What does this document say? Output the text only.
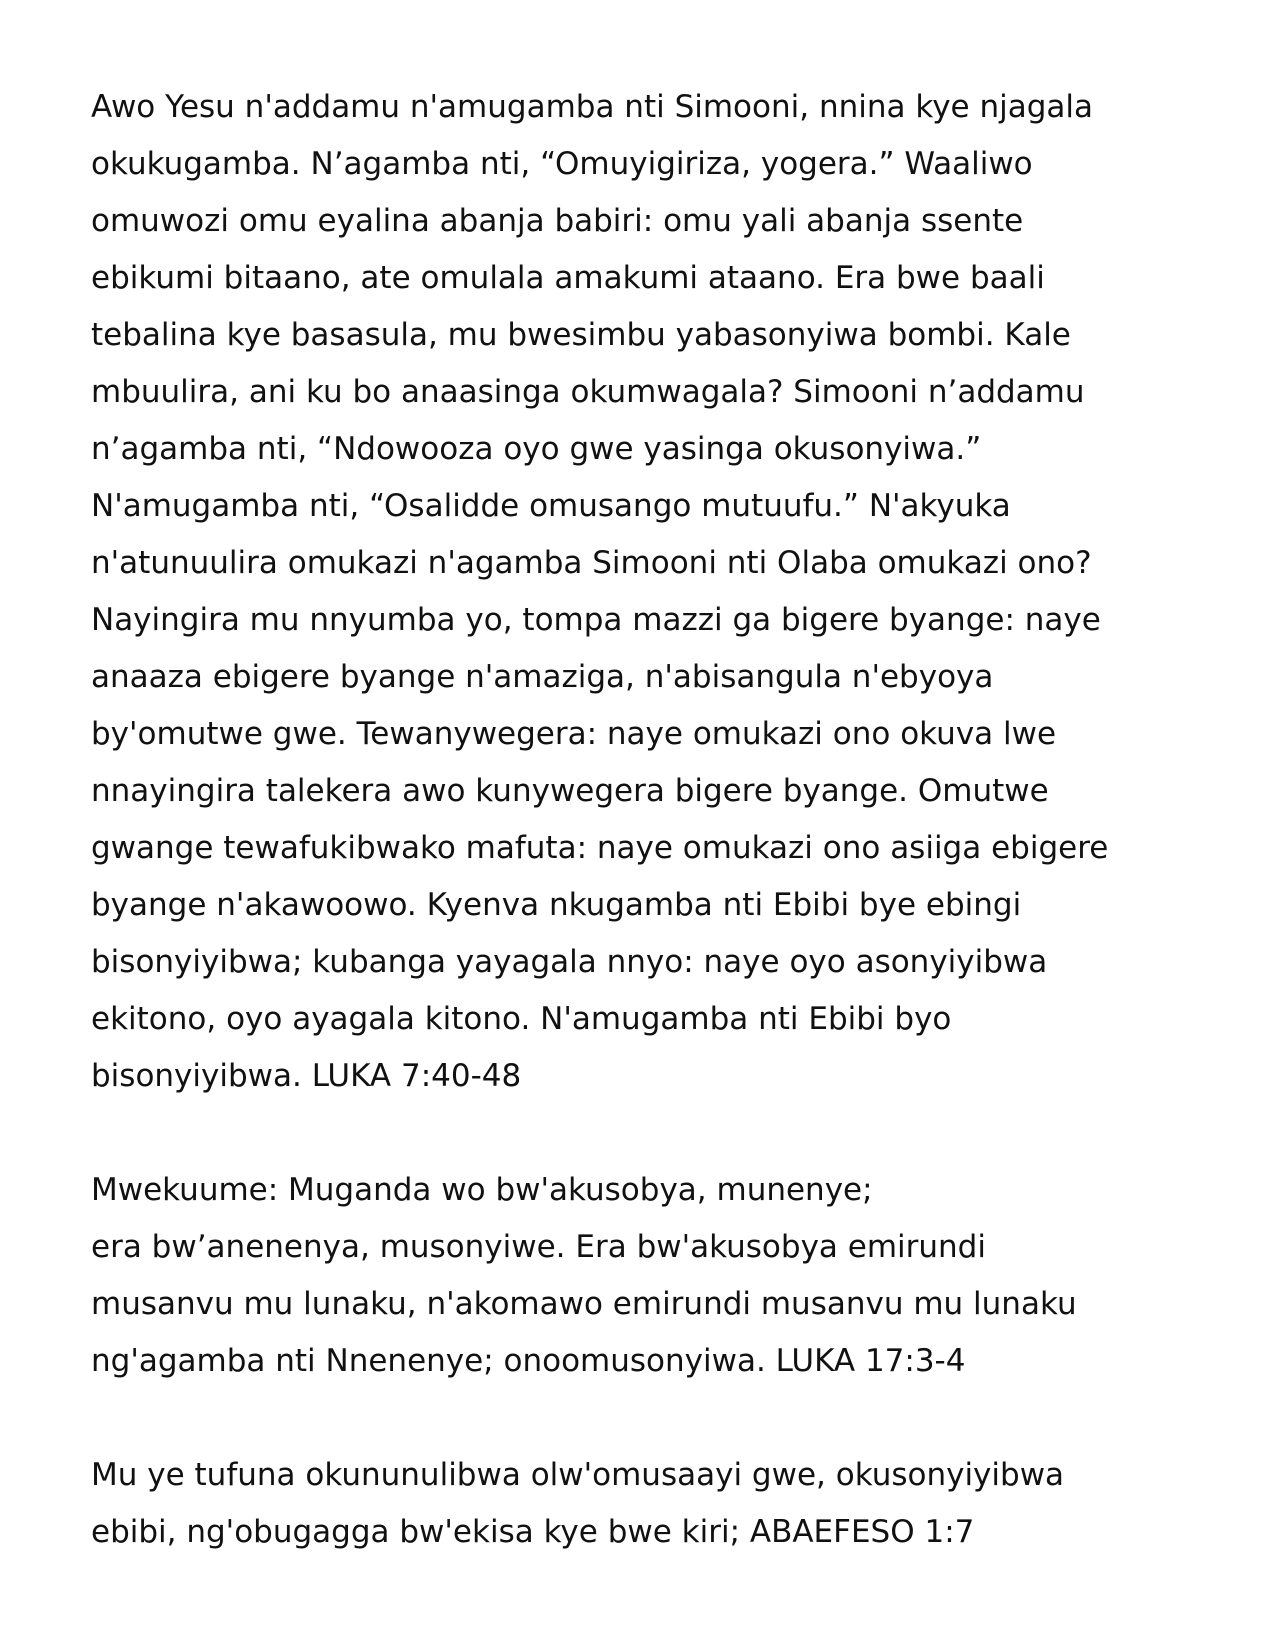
Awo Yesu n'addamu n'amugamba nti Simooni, nnina kye njagala
okukugamba. N’agamba nti, “Omuyigiriza, yogera.” Waaliwo
omuwozi omu eyalina abanja babiri: omu yali abanja ssente
ebikumi bitaano, ate omulala amakumi ataano. Era bwe baali
tebalina kye basasula, mu bwesimbu yabasonyiwa bombi. Kale
mbuulira, ani ku bo anaasinga okumwagala? Simooni n’addamu
n’agamba nti, “Ndowooza oyo gwe yasinga okusonyiwa.”
N'amugamba nti, “Osalidde omusango mutuufu.” N'akyuka
n'atunuulira omukazi n'agamba Simooni nti Olaba omukazi ono?
Nayingira mu nnyumba yo, tompa mazzi ga bigere byange: naye
anaaza ebigere byange n'amaziga, n'abisangula n'ebyoya
by'omutwe gwe. Tewanywegera: naye omukazi ono okuva lwe
nnayingira talekera awo kunywegera bigere byange. Omutwe
gwange tewafukibwako mafuta: naye omukazi ono asiiga ebigere
byange n'akawoowo. Kyenva nkugamba nti Ebibi bye ebingi
bisonyiyibwa; kubanga yayagala nnyo: naye oyo asonyiyibwa
ekitono, oyo ayagala kitono. N'amugamba nti Ebibi byo
bisonyiyibwa. LUKA 7:40-48
Mwekuume: Muganda wo bw'akusobya, munenye;
era bw’anenenya, musonyiwe. Era bw'akusobya emirundi
musanvu mu lunaku, n'akomawo emirundi musanvu mu lunaku
ng'agamba nti Nnenenye; onoomusonyiwa. LUKA 17:3-4
Mu ye tufuna okununulibwa olw'omusaayi gwe, okusonyiyibwa
ebibi, ng'obugagga bw'ekisa kye bwe kiri; ABAEFESO 1:7
